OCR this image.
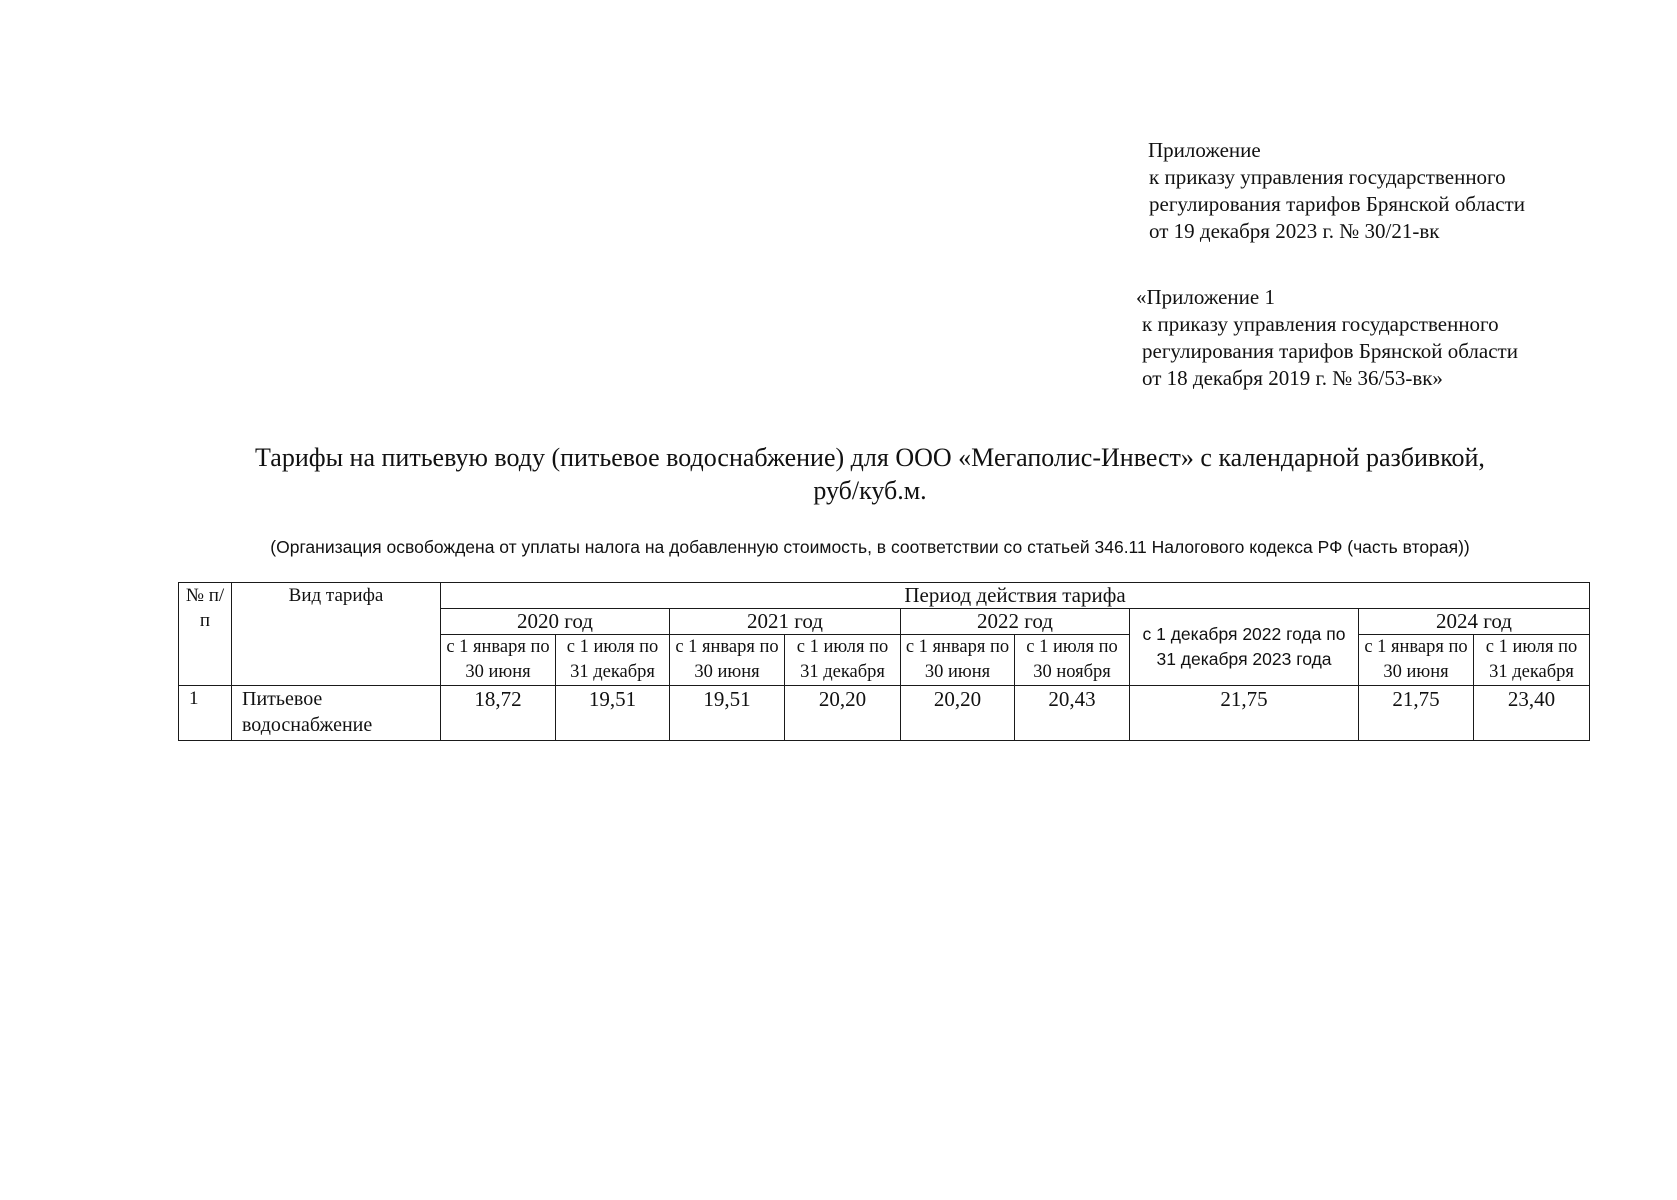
Приложение
к приказу управления государственного
регулирования тарифов Брянской области
от 19 декабря 2023 г. № 30/21-вк
«Приложение 1
к приказу управления государственного
регулирования тарифов Брянской области
от 18 декабря 2019 г. № 36/53-вк»
Тарифы на питьевую воду (питьевое водоснабжение) для ООО «Мегаполис-Инвест» с календарной разбивкой,
руб/куб.м.
(Организация освобождена от уплаты налога на добавленную стоимость, в соответствии со статьей 346.11 Налогового кодекса РФ (часть вторая))
№ п/п	Вид тарифа	Период действия тарифа								
		2020 год		2021 год		2022 год		с 1 декабря 2022 года по 31 декабря 2023 года	2024 год	
		с 1 января по 30 июня	с 1 июля по 31 декабря	с 1 января по 30 июня	с 1 июля по 31 декабря	с 1 января по 30 июня	с 1 июля по 30 ноября		с 1 января по 30 июня	с 1 июля по 31 декабря
1	Питьевое водоснабжение	18,72	19,51	19,51	20,20	20,20	20,43	21,75	21,75	23,40
